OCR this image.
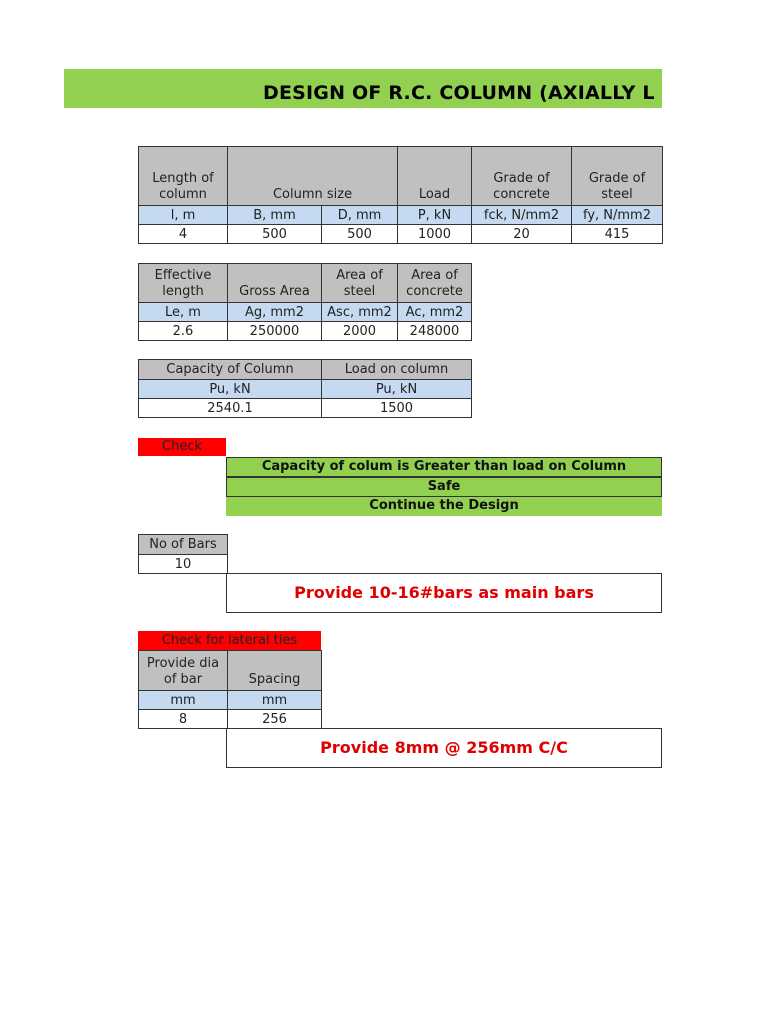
DESIGN OF R.C. COLUMN (AXIALLY L
Length of column	Column size		Load	Grade of concrete	Grade of steel
l, m	B, mm	D, mm	P, kN	fck, N/mm2	fy, N/mm2
4	500	500	1000	20	415
Effective length	Gross Area	Area of steel	Area of concrete
Le, m	Ag, mm2	Asc, mm2	Ac, mm2
2.6	250000	2000	248000
Capacity of Column	Load on column
Pu, kN	Pu, kN
2540.1	1500
Check
Capacity of colum is Greater than load on Column
Safe
Continue the Design
No of Bars
10
Provide 10-16#bars as main bars
Check for lateral ties
Provide dia of bar	Spacing
mm	mm
8	256
Provide 8mm @ 256mm C/C
